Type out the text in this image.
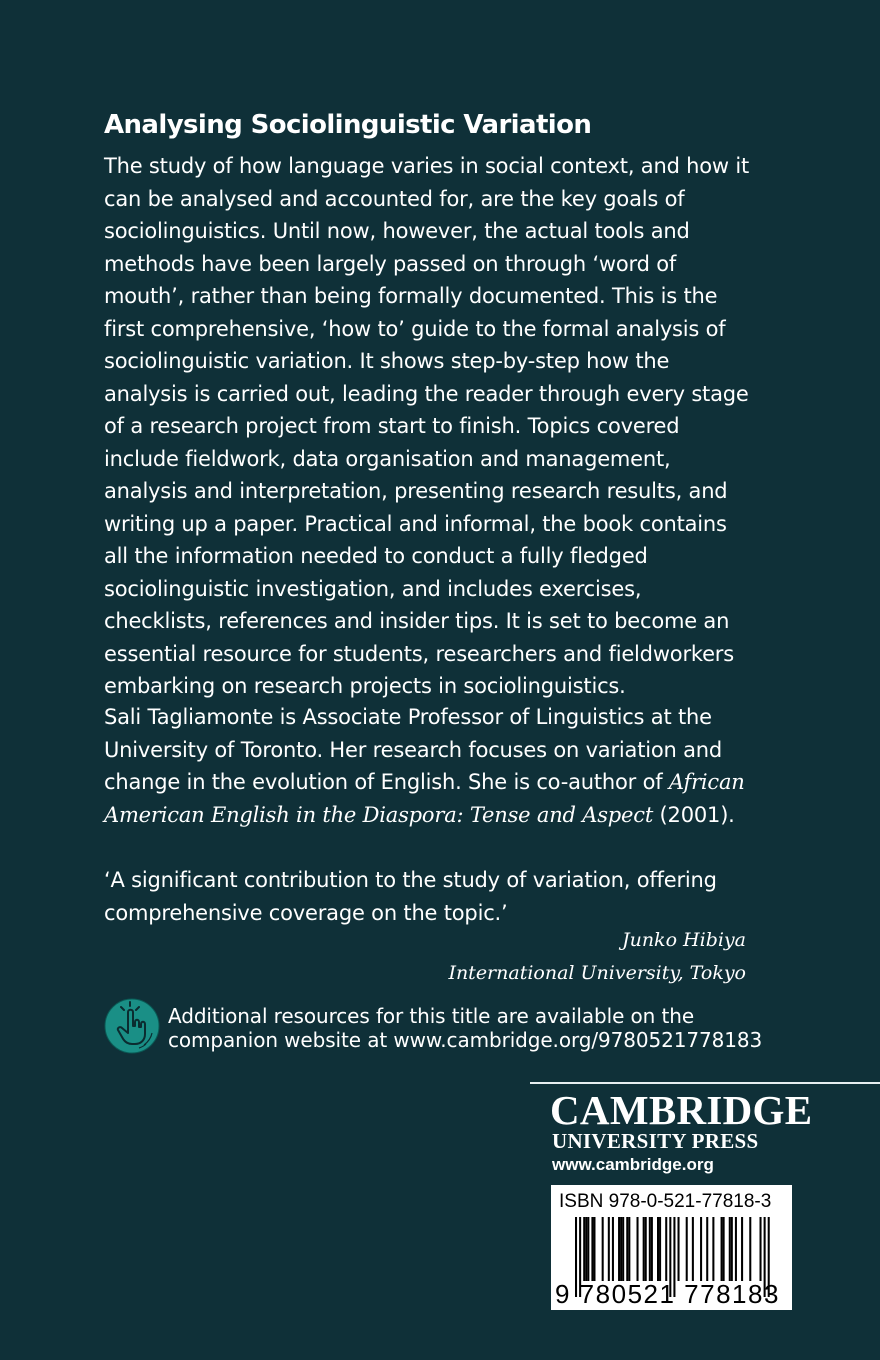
Analysing Sociolinguistic Variation

The study of how language varies in social context, and how it can be analysed and accounted for, are the key goals of sociolinguistics. Until now, however, the actual tools and methods have been largely passed on through ‘word of mouth’, rather than being formally documented. This is the first comprehensive, ‘how to’ guide to the formal analysis of sociolinguistic variation. It shows step-by-step how the analysis is carried out, leading the reader through every stage of a research project from start to finish. Topics covered include fieldwork, data organisation and management, analysis and interpretation, presenting research results, and writing up a paper. Practical and informal, the book contains all the information needed to conduct a fully fledged sociolinguistic investigation, and includes exercises, checklists, references and insider tips. It is set to become an essential resource for students, researchers and fieldworkers embarking on research projects in sociolinguistics.

Sali Tagliamonte is Associate Professor of Linguistics at the University of Toronto. Her research focuses on variation and change in the evolution of English. She is co-author of African American English in the Diaspora: Tense and Aspect (2001).

‘A significant contribution to the study of variation, offering comprehensive coverage on the topic.’

Junko Hibiya
International University, Tokyo
Additional resources for this title are available on the
companion website at www.cambridge.org/9780521778183
CAMBRIDGE
UNIVERSITY PRESS
www.cambridge.org
ISBN 978-0-521-77818-3
9 780521 778183
